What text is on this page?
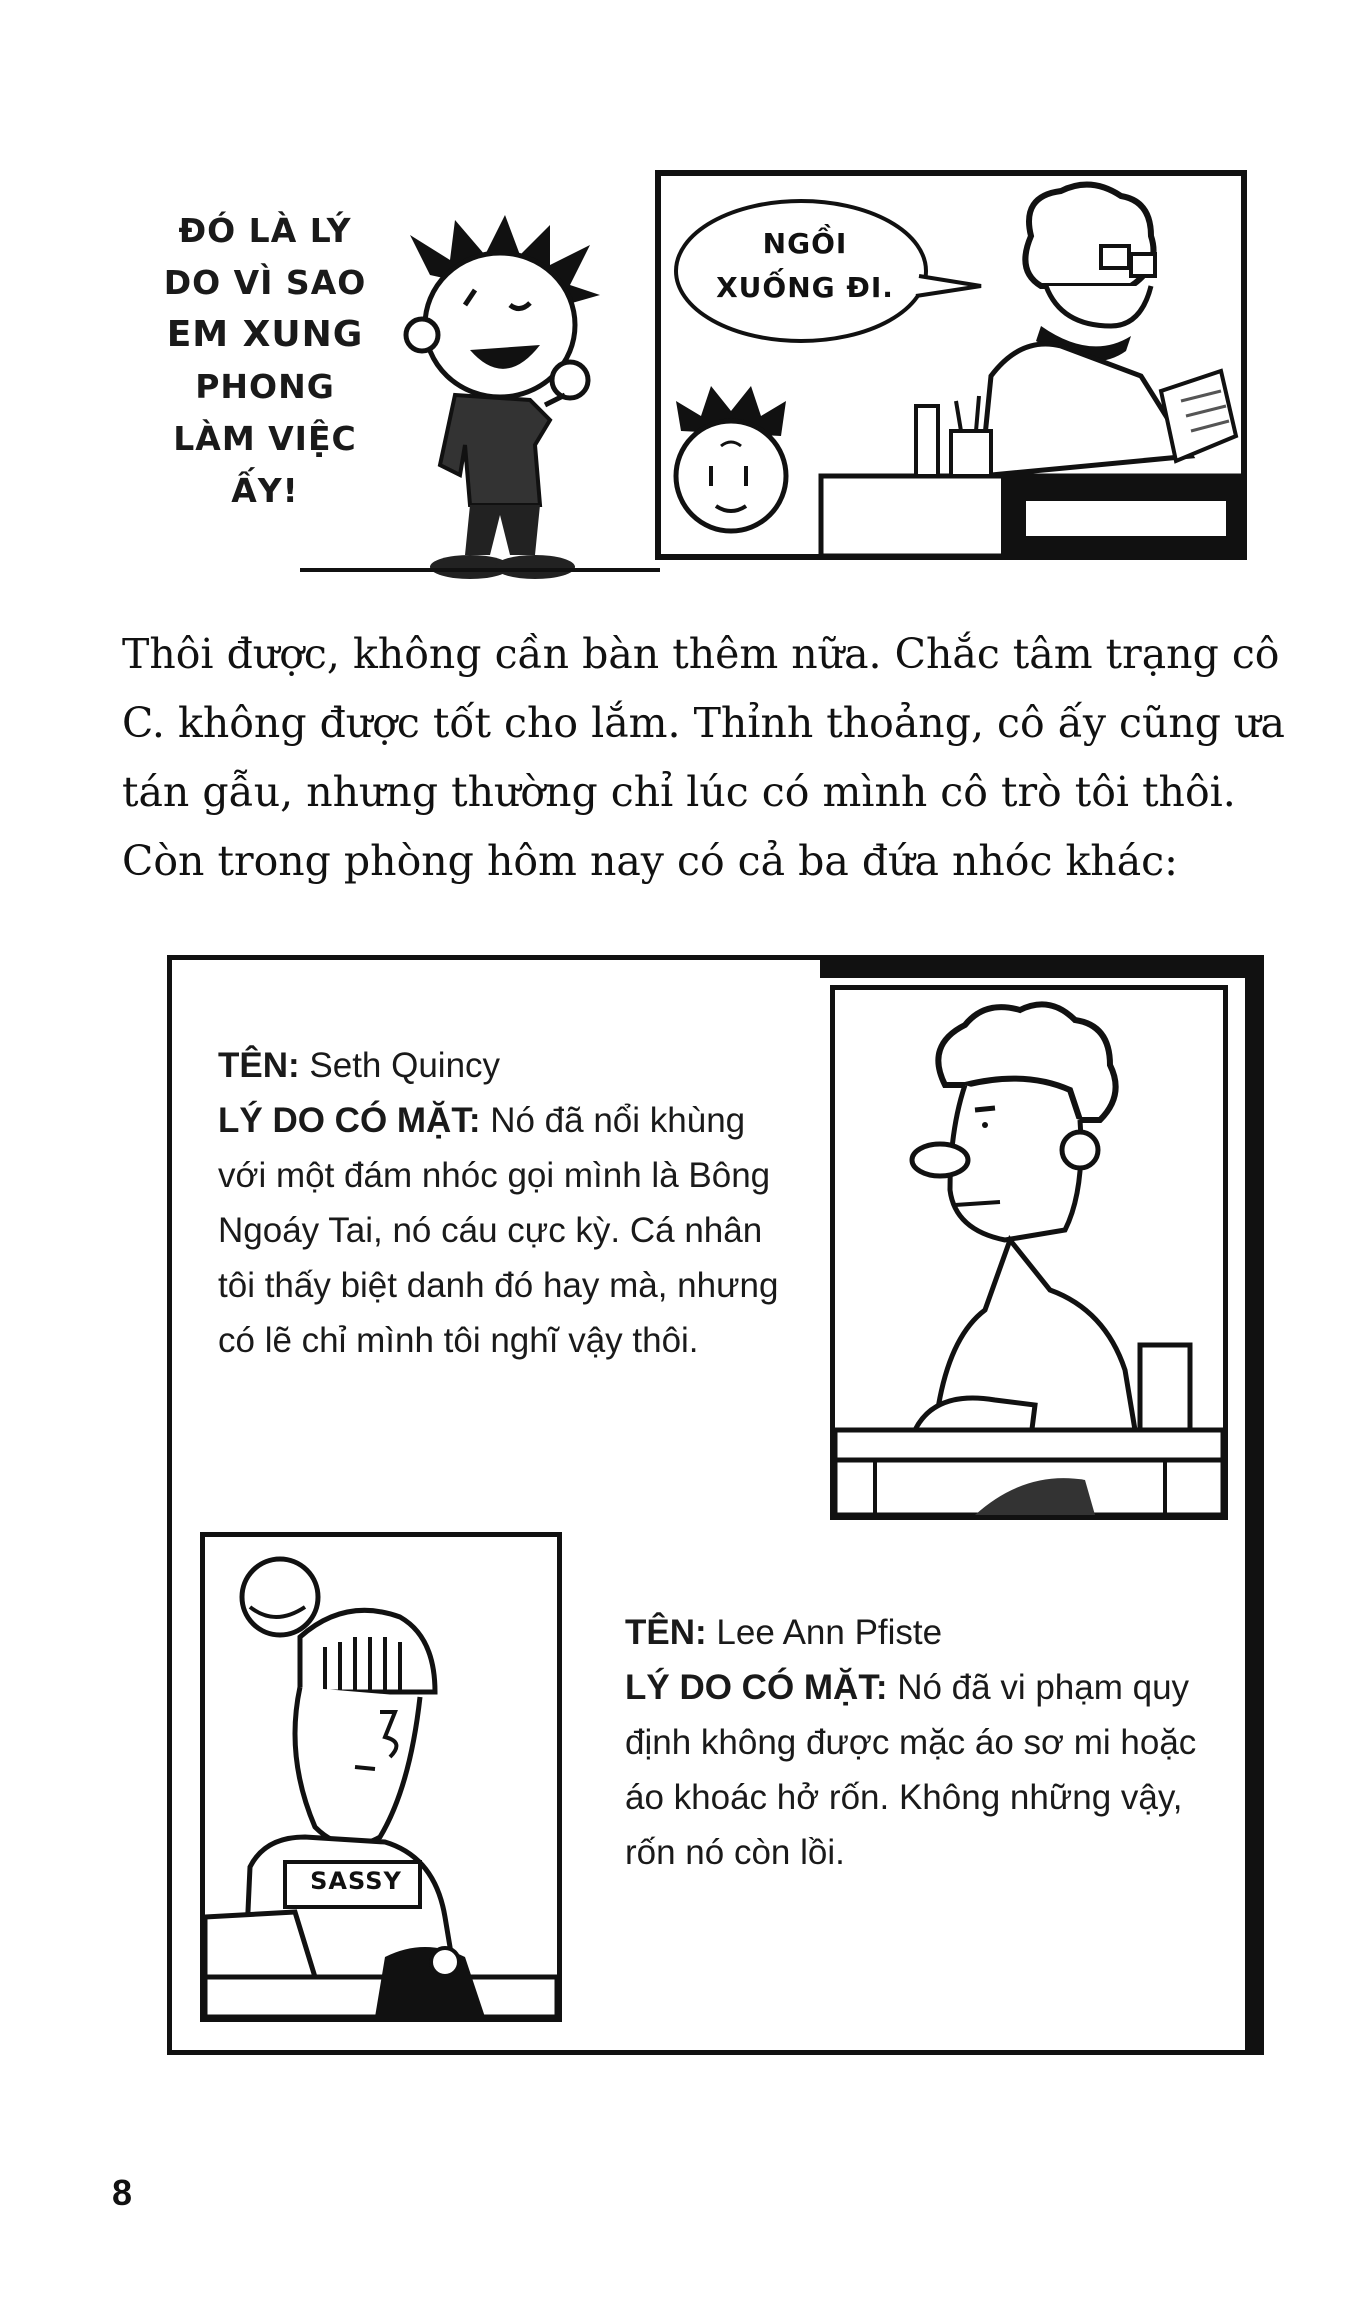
ĐÓ LÀ LÝ
DO VÌ SAO
EM XUNG
PHONG
LÀM VIỆC
ẤY!
NGỒI
XUỐNG ĐI.
Thôi được, không cần bàn thêm nữa. Chắc tâm trạng cô C. không được tốt cho lắm. Thỉnh thoảng, cô ấy cũng ưa tán gẫu, nhưng thường chỉ lúc có mình cô trò tôi thôi. Còn trong phòng hôm nay có cả ba đứa nhóc khác:
TÊN: Seth Quincy
LÝ DO CÓ MẶT: Nó đã nổi khùng với một đám nhóc gọi mình là Bông Ngoáy Tai, nó cáu cực kỳ. Cá nhân tôi thấy biệt danh đó hay mà, nhưng có lẽ chỉ mình tôi nghĩ vậy thôi.
SASSY
TÊN: Lee Ann Pfiste
LÝ DO CÓ MẶT: Nó đã vi phạm quy định không được mặc áo sơ mi hoặc áo khoác hở rốn. Không những vậy, rốn nó còn lồi.
8
